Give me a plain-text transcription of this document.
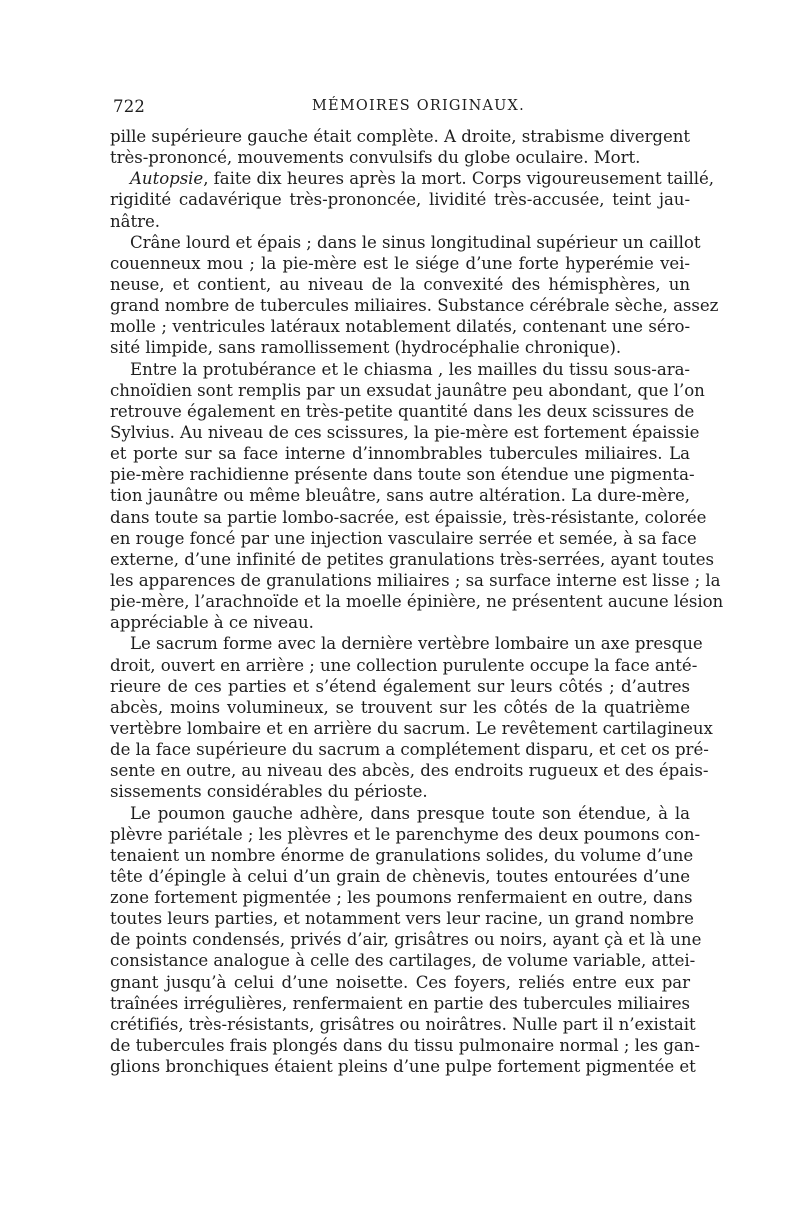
722	MÉMOIRES ORIGINAUX.
pille supérieure gauche était complète. A droite, strabisme divergent
très-prononcé, mouvements convulsifs du globe oculaire. Mort.
Autopsie, faite dix heures après la mort. Corps vigoureusement taillé,
rigidité cadavérique très-prononcée, lividité très-accusée, teint jau-
nâtre.
Crâne lourd et épais ; dans le sinus longitudinal supérieur un caillot
couenneux mou ; la pie-mère est le siége d’une forte hyperémie vei-
neuse, et contient, au niveau de la convexité des hémisphères, un
grand nombre de tubercules miliaires. Substance cérébrale sèche, assez
molle ; ventricules latéraux notablement dilatés, contenant une séro-
sité limpide, sans ramollissement (hydrocéphalie chronique).
Entre la protubérance et le chiasma , les mailles du tissu sous-ara-
chnoïdien sont remplis par un exsudat jaunâtre peu abondant, que l’on
retrouve également en très-petite quantité dans les deux scissures de
Sylvius. Au niveau de ces scissures, la pie-mère est fortement épaissie
et porte sur sa face interne d’innombrables tubercules miliaires. La
pie-mère rachidienne présente dans toute son étendue une pigmenta-
tion jaunâtre ou même bleuâtre, sans autre altération. La dure-mère,
dans toute sa partie lombo-sacrée, est épaissie, très-résistante, colorée
en rouge foncé par une injection vasculaire serrée et semée, à sa face
externe, d’une infinité de petites granulations très-serrées, ayant toutes
les apparences de granulations miliaires ; sa surface interne est lisse ; la
pie-mère, l’arachnoïde et la moelle épinière, ne présentent aucune lésion
appréciable à ce niveau.
Le sacrum forme avec la dernière vertèbre lombaire un axe presque
droit, ouvert en arrière ; une collection purulente occupe la face anté-
rieure de ces parties et s’étend également sur leurs côtés ; d’autres
abcès, moins volumineux, se trouvent sur les côtés de la quatrième
vertèbre lombaire et en arrière du sacrum. Le revêtement cartilagineux
de la face supérieure du sacrum a complétement disparu, et cet os pré-
sente en outre, au niveau des abcès, des endroits rugueux et des épais-
sissements considérables du périoste.
Le poumon gauche adhère, dans presque toute son étendue, à la
plèvre pariétale ; les plèvres et le parenchyme des deux poumons con-
tenaient un nombre énorme de granulations solides, du volume d’une
tête d’épingle à celui d’un grain de chènevis, toutes entourées d’une
zone fortement pigmentée ; les poumons renfermaient en outre, dans
toutes leurs parties, et notamment vers leur racine, un grand nombre
de points condensés, privés d’air, grisâtres ou noirs, ayant çà et là une
consistance analogue à celle des cartilages, de volume variable, attei-
gnant jusqu’à celui d’une noisette. Ces foyers, reliés entre eux par
traînées irrégulières, renfermaient en partie des tubercules miliaires
crétifiés, très-résistants, grisâtres ou noirâtres. Nulle part il n’existait
de tubercules frais plongés dans du tissu pulmonaire normal ; les gan-
glions bronchiques étaient pleins d’une pulpe fortement pigmentée et
